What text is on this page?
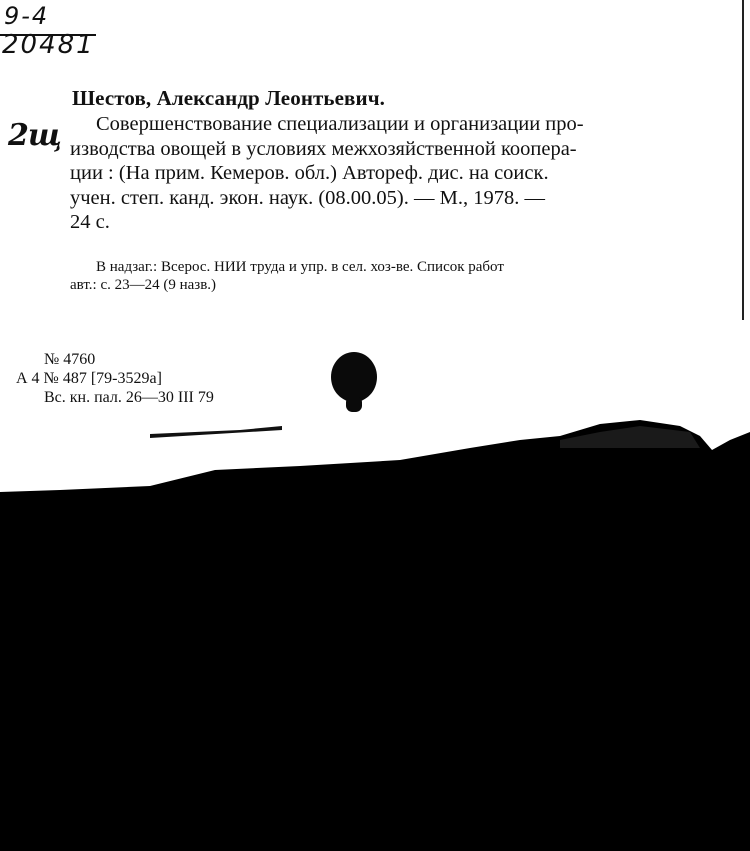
9-4
20481
2щ
Шестов, Александр Леонтьевич.
Совершенствование специализации и организации про-
изводства овощей в условиях межхозяйственной коопера-
ции : (На прим. Кемеров. обл.) Автореф. дис. на соиск.
учен. степ. канд. экон. наук. (08.00.05). — М., 1978. —
24 с.
В надзаг.: Всерос. НИИ труда и упр. в сел. хоз-ве. Список работ
авт.: с. 23—24 (9 назв.)
№ 4760
А 4 № 487 [79-3529а]
Вс. кн. пал. 26—30 III 79
